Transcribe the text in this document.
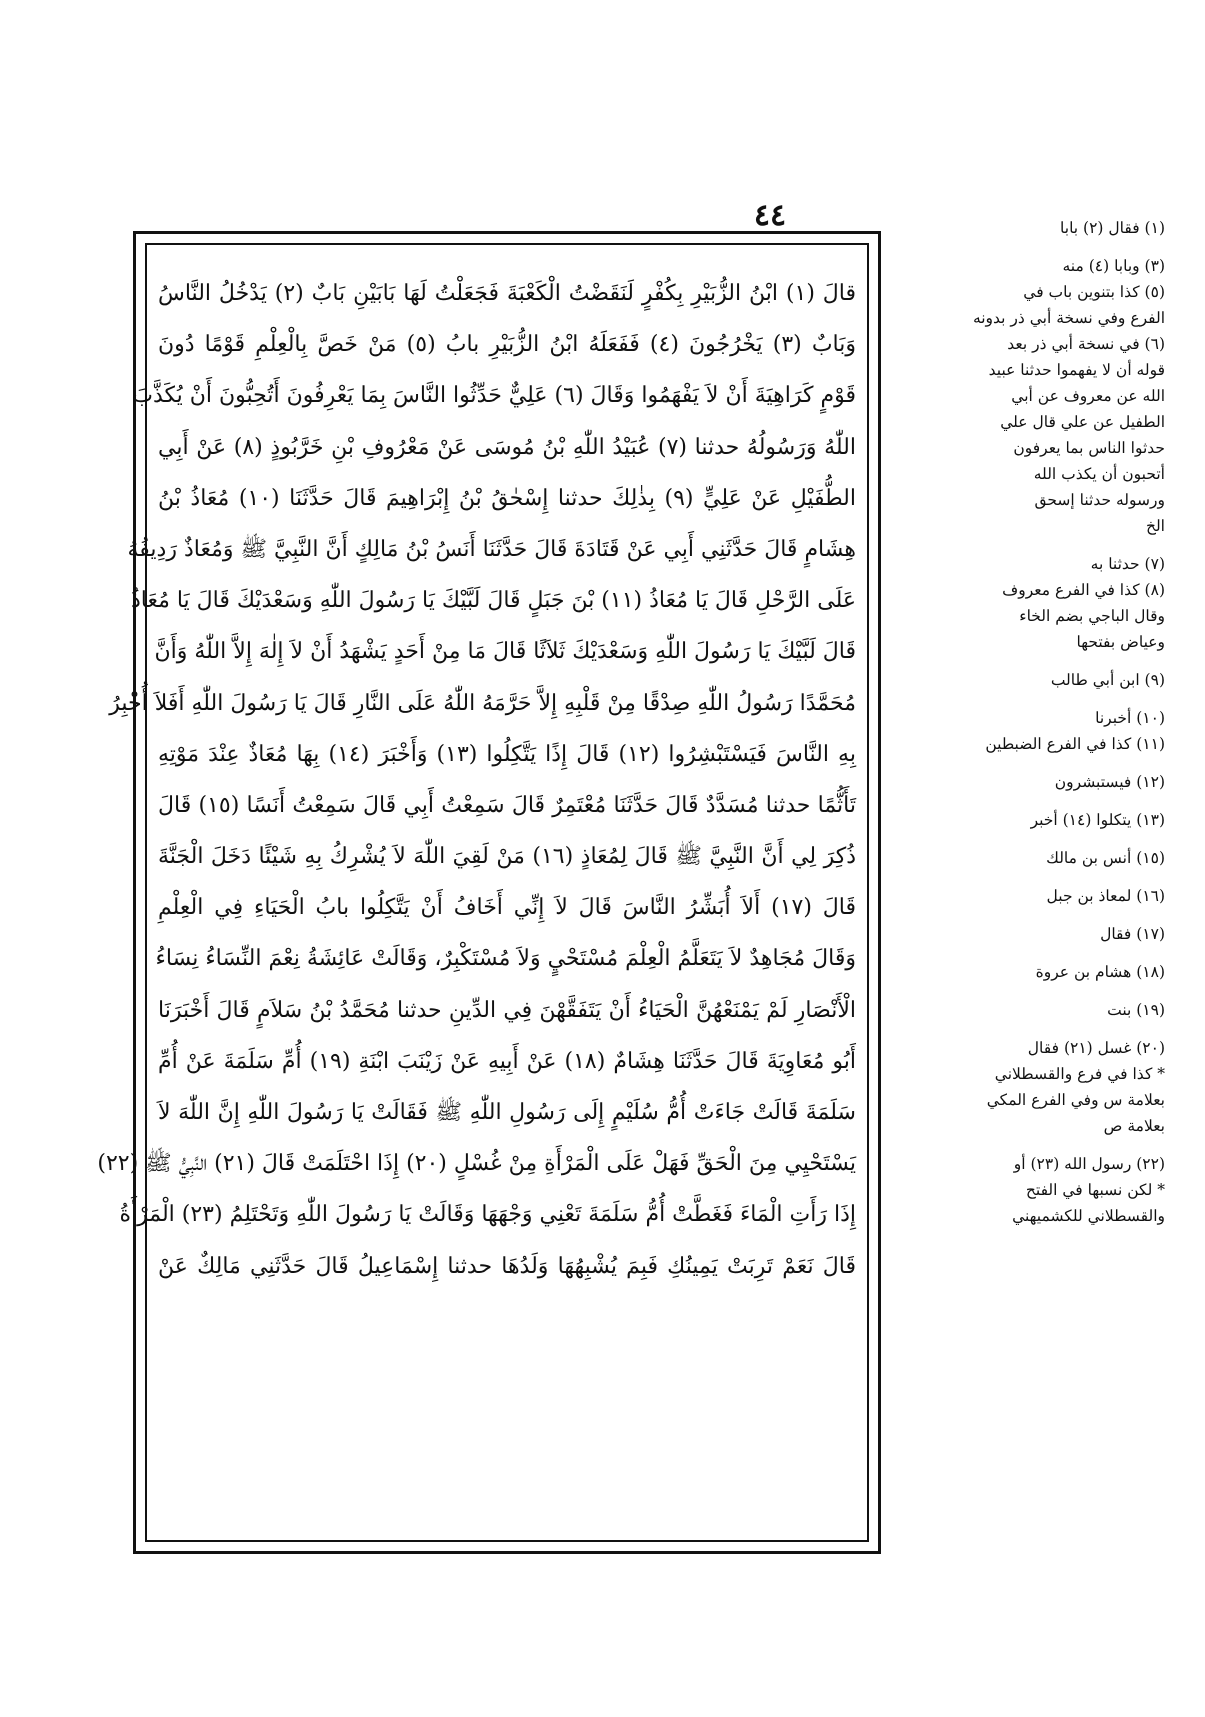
٤٤
قالَ (١) ابْنُ الزُّبَيْرِ بِكُفْرٍ لَنَقَضْتُ الْكَعْبَةَ فَجَعَلْتُ لَهَا بَابَيْنِ بَابٌ (٢) يَدْخُلُ النَّاسُ
وَبَابٌ (٣) يَخْرُجُونَ (٤) فَفَعَلَهُ ابْنُ الزُّبَيْرِ بابُ (٥) مَنْ خَصَّ بِالْعِلْمِ قَوْمًا دُونَ
قَوْمٍ كَرَاهِيَةَ أَنْ لاَ يَفْهَمُوا وَقَالَ (٦) عَلِيٌّ حَدِّثُوا النَّاسَ بِمَا يَعْرِفُونَ أَتُحِبُّونَ أَنْ يُكَذَّبَ
اللّٰهُ وَرَسُولُهُ حدثنا (٧) عُبَيْدُ اللّٰهِ بْنُ مُوسَى عَنْ مَعْرُوفِ بْنِ خَرَّبُوذٍ (٨) عَنْ أَبِي
الطُّفَيْلِ عَنْ عَلِيٍّ (٩) بِذٰلِكَ حدثنا إِسْحٰقُ بْنُ إِبْرَاهِيمَ قَالَ حَدَّثَنَا (١٠) مُعَاذُ بْنُ
هِشَامٍ قَالَ حَدَّثَنِي أَبِي عَنْ قَتَادَةَ قَالَ حَدَّثَنَا أَنَسُ بْنُ مَالِكٍ أَنَّ النَّبِيَّ ﷺ وَمُعَاذٌ رَدِيفُهُ
عَلَى الرَّحْلِ قَالَ يَا مُعَاذُ (١١) بْنَ جَبَلٍ قَالَ لَبَّيْكَ يَا رَسُولَ اللّٰهِ وَسَعْدَيْكَ قَالَ يَا مُعَاذُ
قَالَ لَبَّيْكَ يَا رَسُولَ اللّٰهِ وَسَعْدَيْكَ ثَلاَثًا قَالَ مَا مِنْ أَحَدٍ يَشْهَدُ أَنْ لاَ إِلٰهَ إِلاَّ اللّٰهُ وَأَنَّ
مُحَمَّدًا رَسُولُ اللّٰهِ صِدْقًا مِنْ قَلْبِهِ إِلاَّ حَرَّمَهُ اللّٰهُ عَلَى النَّارِ قَالَ يَا رَسُولَ اللّٰهِ أَفَلاَ أُخْبِرُ
بِهِ النَّاسَ فَيَسْتَبْشِرُوا (١٢) قَالَ إِذًا يَتَّكِلُوا (١٣) وَأَخْبَرَ (١٤) بِهَا مُعَاذٌ عِنْدَ مَوْتِهِ
تَأَثُّمًا حدثنا مُسَدَّدٌ قَالَ حَدَّثَنَا مُعْتَمِرٌ قَالَ سَمِعْتُ أَبِي قَالَ سَمِعْتُ أَنَسًا (١٥) قَالَ
ذُكِرَ لِي أَنَّ النَّبِيَّ ﷺ قَالَ لِمُعَاذٍ (١٦) مَنْ لَقِيَ اللّٰهَ لاَ يُشْرِكُ بِهِ شَيْئًا دَخَلَ الْجَنَّةَ
قَالَ (١٧) أَلاَ أُبَشِّرُ النَّاسَ قَالَ لاَ إِنِّي أَخَافُ أَنْ يَتَّكِلُوا بابُ الْحَيَاءِ فِي الْعِلْمِ
وَقَالَ مُجَاهِدٌ لاَ يَتَعَلَّمُ الْعِلْمَ مُسْتَحْيٍ وَلاَ مُسْتَكْبِرٌ، وَقَالَتْ عَائِشَةُ نِعْمَ النِّسَاءُ نِسَاءُ
الْأَنْصَارِ لَمْ يَمْنَعْهُنَّ الْحَيَاءُ أَنْ يَتَفَقَّهْنَ فِي الدِّينِ حدثنا مُحَمَّدُ بْنُ سَلاَمٍ قَالَ أَخْبَرَنَا
أَبُو مُعَاوِيَةَ قَالَ حَدَّثَنَا هِشَامٌ (١٨) عَنْ أَبِيهِ عَنْ زَيْنَبَ ابْنَةِ (١٩) أُمِّ سَلَمَةَ عَنْ أُمِّ
سَلَمَةَ قَالَتْ جَاءَتْ أُمُّ سُلَيْمٍ إِلَى رَسُولِ اللّٰهِ ﷺ فَقَالَتْ يَا رَسُولَ اللّٰهِ إِنَّ اللّٰهَ لاَ
يَسْتَحْيِي مِنَ الْحَقِّ فَهَلْ عَلَى الْمَرْأَةِ مِنْ غُسْلٍ (٢٠) إِذَا احْتَلَمَتْ قَالَ (٢١) النَّبِيُّ ﷺ (٢٢)
إِذَا رَأَتِ الْمَاءَ فَغَطَّتْ أُمُّ سَلَمَةَ تَعْنِي وَجْهَهَا وَقَالَتْ يَا رَسُولَ اللّٰهِ وَتَحْتَلِمُ (٢٣) الْمَرْأَةُ
قَالَ نَعَمْ تَرِبَتْ يَمِينُكِ فَبِمَ يُشْبِهُهَا وَلَدُهَا حدثنا إِسْمَاعِيلُ قَالَ حَدَّثَنِي مَالِكٌ عَنْ
(١) فقال (٢) بابا
(٣) وبابا (٤) منه
(٥) كذا بتنوين باب في
الفرع وفي نسخة أبي ذر بدونه
(٦) في نسخة أبي ذر بعد
قوله أن لا يفهموا حدثنا عبيد
الله عن معروف عن أبي
الطفيل عن علي قال علي
حدثوا الناس بما يعرفون
أتحبون أن يكذب الله
ورسوله حدثنا إسحق
الخ
(٧) حدثنا به
(٨) كذا في الفرع معروف
وقال الباجي بضم الخاء
وعياض بفتحها
(٩) ابن أبي طالب
(١٠) أخبرنا
(١١) كذا في الفرع الضبطين
(١٢) فيستبشرون
(١٣) يتكلوا (١٤) أخبر
(١٥) أنس بن مالك
(١٦) لمعاذ بن جبل
(١٧) فقال
(١٨) هشام بن عروة
(١٩) بنت
(٢٠) غسل (٢١) فقال
* كذا في فرع والقسطلاني
بعلامة س وفي الفرع المكي
بعلامة ص
(٢٢) رسول الله (٢٣) أو
* لكن نسبها في الفتح
والقسطلاني للكشميهني
